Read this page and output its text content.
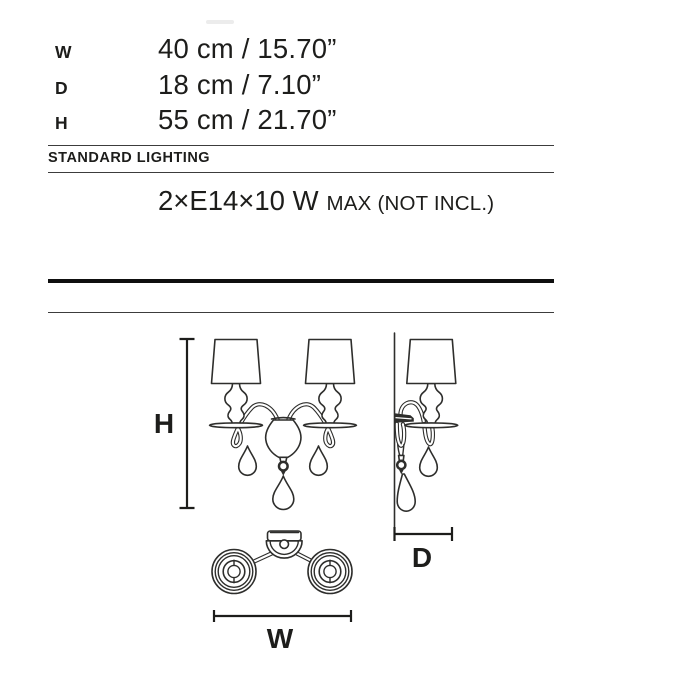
W	40 cm / 15.70”
D	18 cm / 7.10”
H	55 cm / 21.70”
STANDARD LIGHTING
2×E14×10 W MAX (NOT INCL.)
H
D
W
